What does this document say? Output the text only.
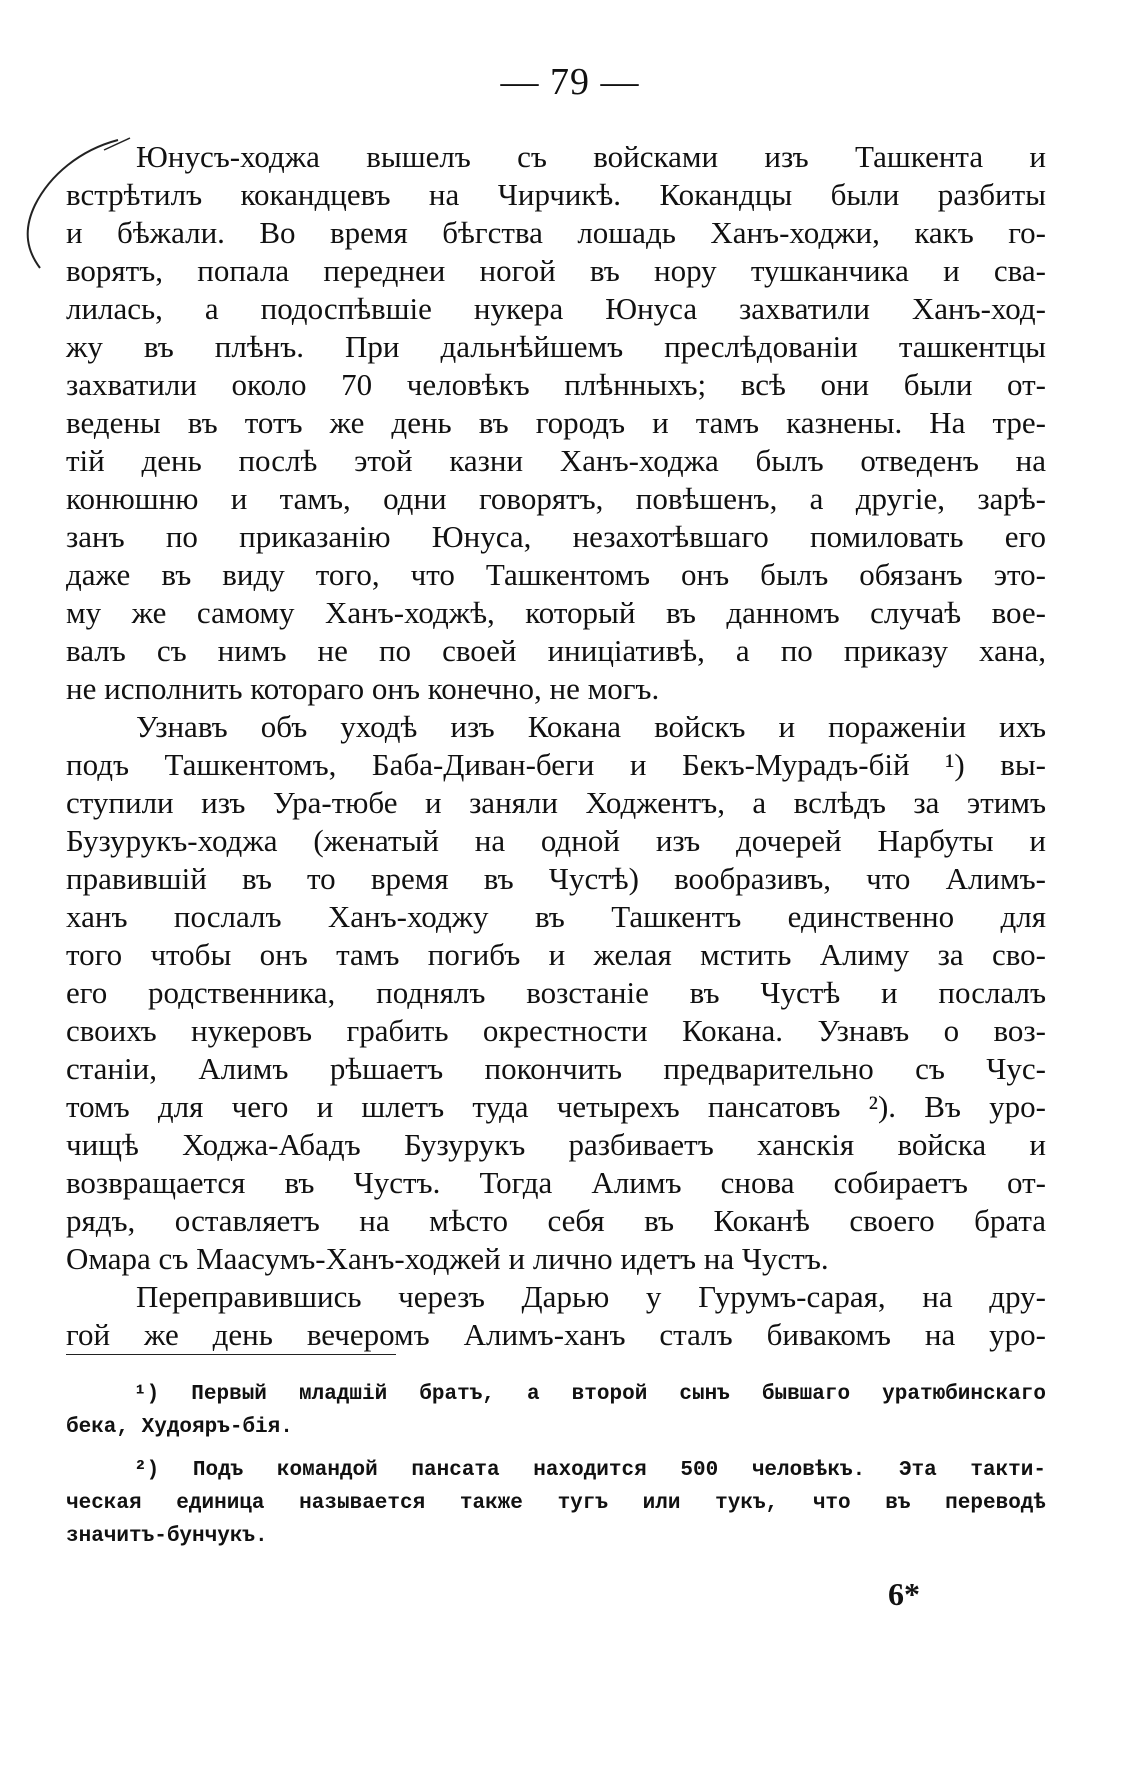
— 79 —
Юнусъ-ходжа вышелъ съ войсками изъ Ташкента и
встрѣтилъ кокандцевъ на Чирчикѣ. Кокандцы были разбиты
и бѣжали. Во время бѣгства лошадь Ханъ-ходжи, какъ го-
ворятъ, попала переднеи ногой въ нору тушканчика и сва-
лилась, а подоспѣвшіе нукера Юнуса захватили Ханъ-ход-
жу въ плѣнъ. При дальнѣйшемъ преслѣдованіи ташкентцы
захватили около 70 человѣкъ плѣнныхъ; всѣ они были от-
ведены въ тотъ же день въ городъ и тамъ казнены. На тре-
тій день послѣ этой казни Ханъ-ходжа былъ отведенъ на
конюшню и тамъ, одни говорятъ, повѣшенъ, а другіе, зарѣ-
занъ по приказанію Юнуса, незахотѣвшаго помиловать его
даже въ виду того, что Ташкентомъ онъ былъ обязанъ это-
му же самому Ханъ-ходжѣ, который въ данномъ случаѣ вое-
валъ съ нимъ не по своей иниціативѣ, а по приказу хана,
не исполнить котораго онъ конечно, не могъ.
Узнавъ объ уходѣ изъ Кокана войскъ и пораженіи ихъ
подъ Ташкентомъ, Баба-Диван-беги и Бекъ-Мурадъ-бій ¹) вы-
ступили изъ Ура-тюбе и заняли Ходжентъ, а вслѣдъ за этимъ
Бузурукъ-ходжа (женатый на одной изъ дочерей Нарбуты и
правившій въ то время въ Чустѣ) вообразивъ, что Алимъ-
ханъ послалъ Ханъ-ходжу въ Ташкентъ единственно для
того чтобы онъ тамъ погибъ и желая мстить Алиму за сво-
его родственника, поднялъ возстаніе въ Чустѣ и послалъ
своихъ нукеровъ грабить окрестности Кокана. Узнавъ о воз-
станіи, Алимъ рѣшаетъ покончить предварительно съ Чус-
томъ для чего и шлетъ туда четырехъ пансатовъ ²). Въ уро-
чищѣ Ходжа-Абадъ Бузурукъ разбиваетъ ханскія войска и
возвращается въ Чустъ. Тогда Алимъ снова собираетъ от-
рядъ, оставляетъ на мѣсто себя въ Коканѣ своего брата
Омара съ Маасумъ-Ханъ-ходжей и лично идетъ на Чустъ.
Переправившись черезъ Дарью у Гурумъ-сарая, на дру-
гой же день вечеромъ Алимъ-ханъ сталъ бивакомъ на уро-
¹) Первый младшій братъ, а второй сынъ бывшаго уратюбинскаго
бека, Худояръ-бія.
²) Подъ командой пансата находится 500 человѣкъ. Эта такти-
ческая единица называется также тугъ или тукъ, что въ переводѣ
значитъ-бунчукъ.
6*
